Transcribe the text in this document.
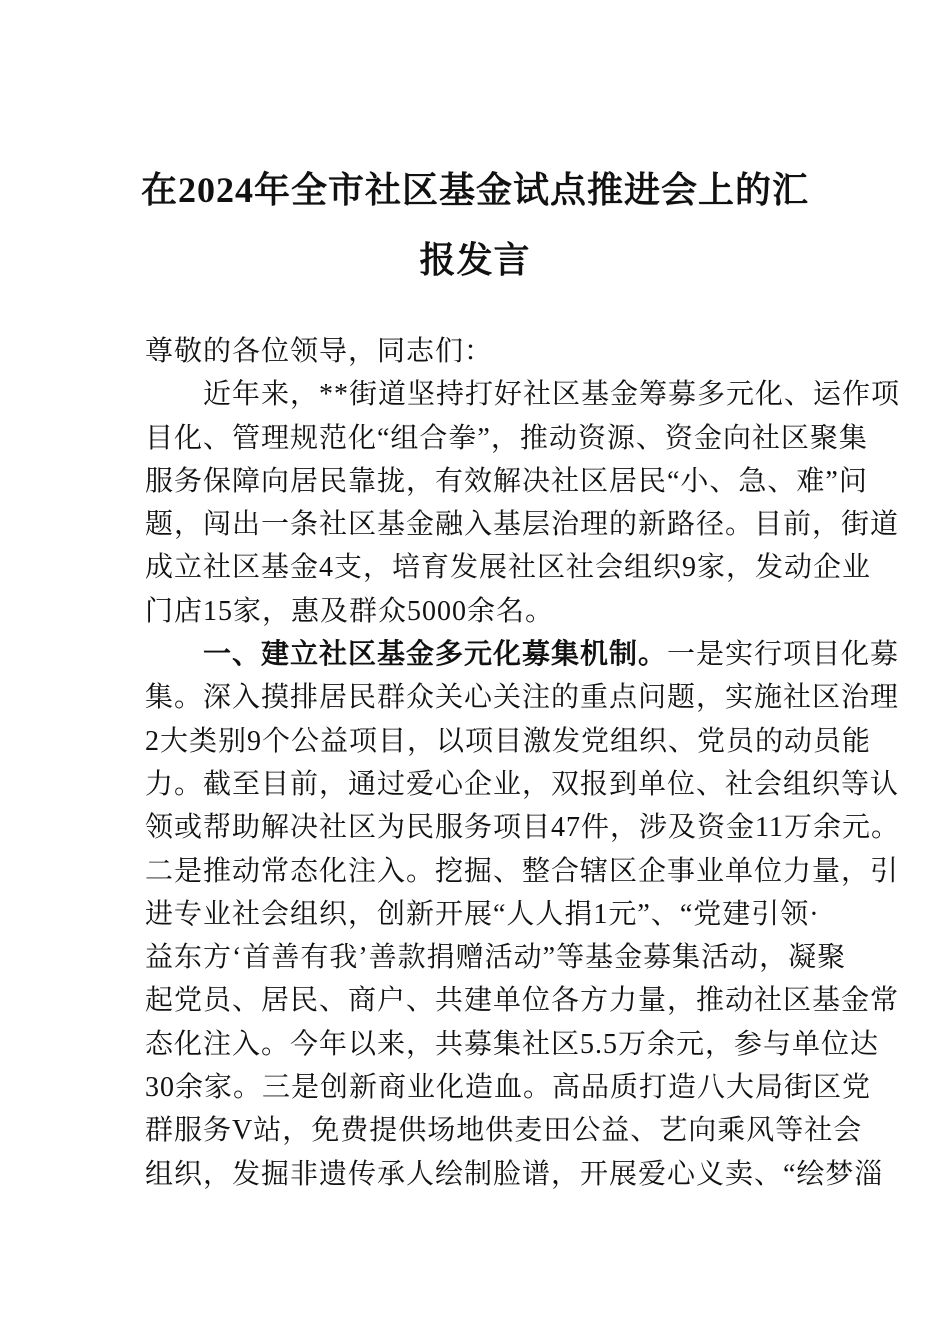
在2024年全市社区基金试点推进会上的汇
报发言
尊敬的各位领导，同志们：
近年来，**街道坚持打好社区基金筹募多元化、运作项
目化、管理规范化“组合拳”，推动资源、资金向社区聚集
服务保障向居民靠拢，有效解决社区居民“小、急、难”问
题，闯出一条社区基金融入基层治理的新路径。目前，街道
成立社区基金4支，培育发展社区社会组织9家，发动企业
门店15家，惠及群众5000余名。
一、建立社区基金多元化募集机制。一是实行项目化募
集。深入摸排居民群众关心关注的重点问题，实施社区治理
2大类别9个公益项目，以项目激发党组织、党员的动员能
力。截至目前，通过爱心企业，双报到单位、社会组织等认
领或帮助解决社区为民服务项目47件，涉及资金11万余元。
二是推动常态化注入。挖掘、整合辖区企事业单位力量，引
进专业社会组织，创新开展“人人捐1元”、“党建引领·
益东方‘首善有我’善款捐赠活动”等基金募集活动，凝聚
起党员、居民、商户、共建单位各方力量，推动社区基金常
态化注入。今年以来，共募集社区5.5万余元，参与单位达
30余家。三是创新商业化造血。高品质打造八大局街区党
群服务V站，免费提供场地供麦田公益、艺向乘风等社会
组织，发掘非遗传承人绘制脸谱，开展爱心义卖、“绘梦淄
